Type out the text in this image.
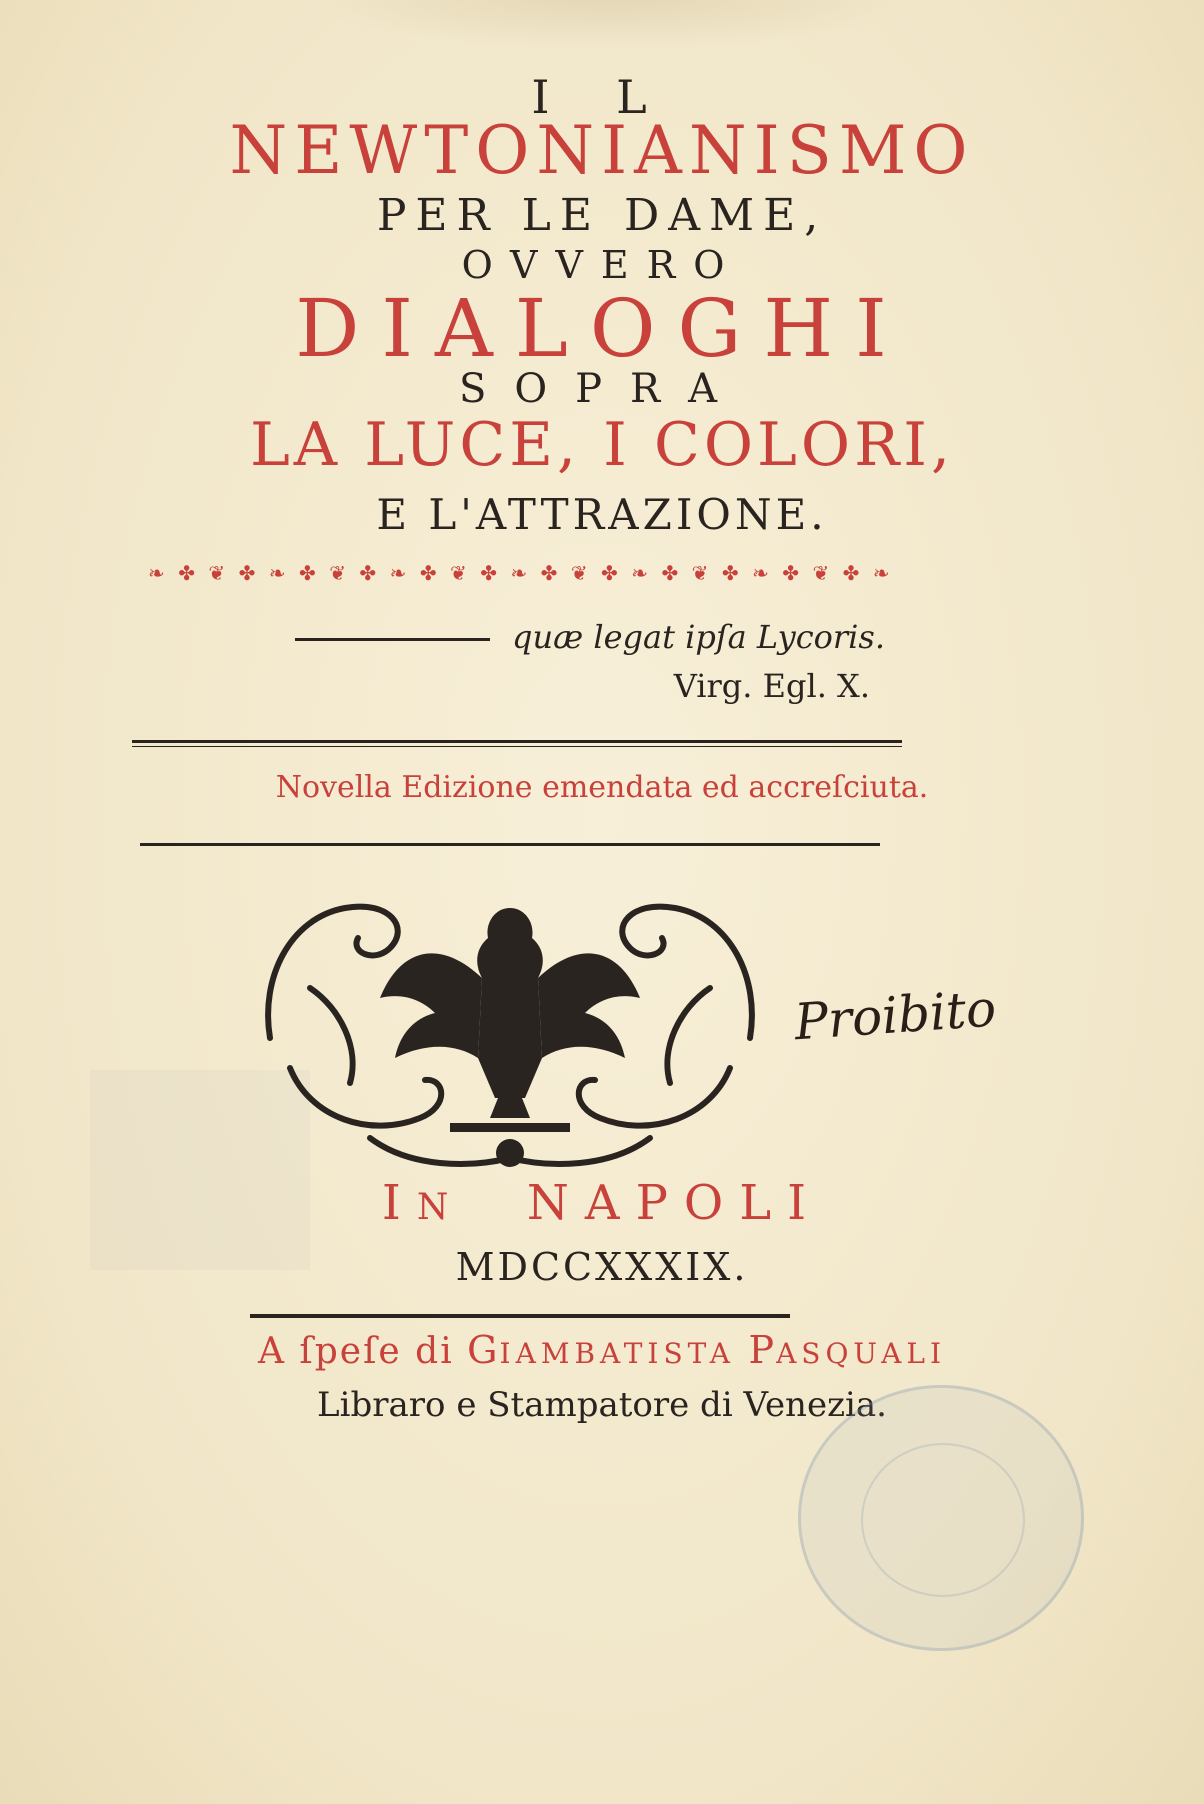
I L
NEWTONIANISMO
PER LE DAME,
OVVERO
DIALOGHI
SOPRA
LA LUCE, I COLORI,
E L'ATTRAZIONE.
❧ ✤ ❦ ✤ ❧ ✤ ❦ ✤ ❧ ✤ ❦ ✤ ❧ ✤ ❦ ✤ ❧ ✤ ❦ ✤ ❧ ✤ ❦ ✤ ❧
quæ legat ipſa Lycoris.
Virg. Egl. X.
Novella Edizione emendata ed accreſciuta.
Proibito
IN NAPOLI
MDCCXXXIX.
A ſpeſe di GIAMBATISTA PASQUALI
Libraro e Stampatore di Venezia.
